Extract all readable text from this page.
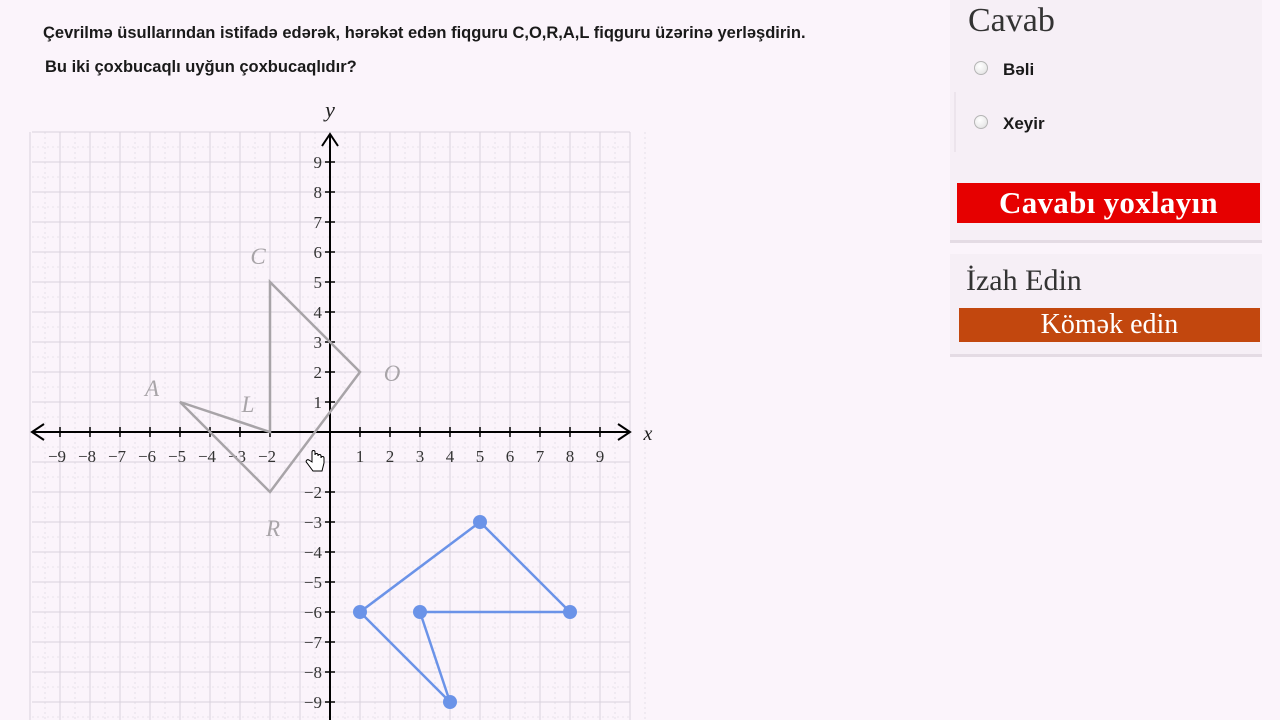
Çevrilmə üsullarından istifadə edərək, hərəkət edən fiqguru C,O,R,A,L fiqguru üzərinə yerləşdirin.
Bu iki çoxbucaqlı uyğun çoxbucaqlıdır?
x
y
−9 −8 −7 −6 −5 −4 −3 −2	1 2 3 4 5 6 7 8 9
9
8
7
6
5
4
3
2
1
−2
−3
−4
−5
−6
−7
−8
−9
C
O
R
A
L
Cavab
Bəli
Xeyir
Cavabı yoxlayın
İzah Edin
Kömək edin
